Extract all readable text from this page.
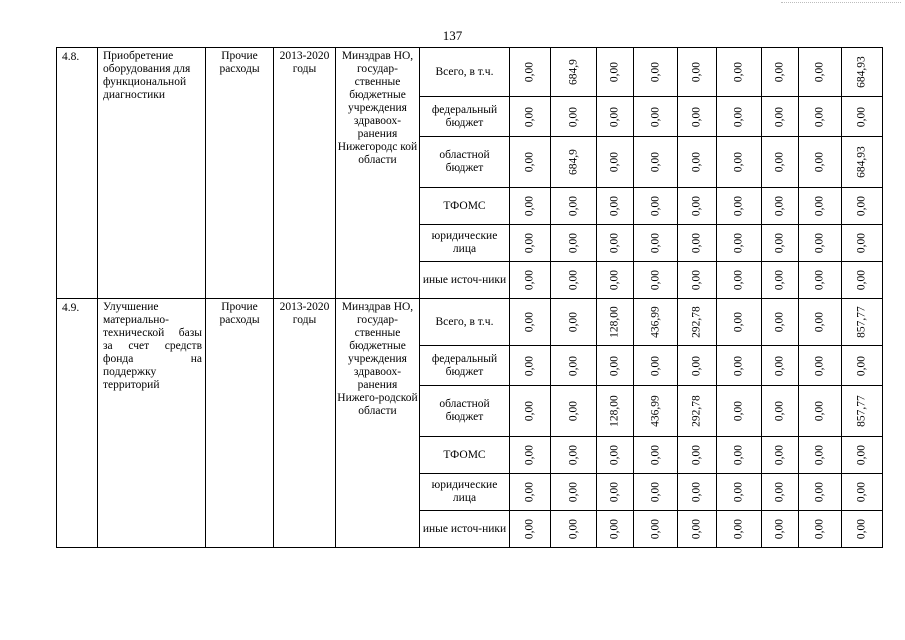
137
4.8.	Приобретение оборудования для функциональной диагностики	Прочие расходы	2013-2020 годы	Минздрав НО, государ-ственные бюджетные учреждения здравоох-ранения Нижегородс кой области	Всего, в т.ч.	0,00	684,9	0,00	0,00	0,00	0,00	0,00	0,00	684,93

					федеральный бюджет	0,00	0,00	0,00	0,00	0,00	0,00	0,00	0,00	0,00

					областной бюджет	0,00	684,9	0,00	0,00	0,00	0,00	0,00	0,00	684,93

					ТФОМС	0,00	0,00	0,00	0,00	0,00	0,00	0,00	0,00	0,00

					юридические лица	0,00	0,00	0,00	0,00	0,00	0,00	0,00	0,00	0,00

					иные источ-ники	0,00	0,00	0,00	0,00	0,00	0,00	0,00	0,00	0,00

4.9.	Улучшение материально-технической базы за счет средств фонда на поддержку территорий	Прочие расходы	2013-2020 годы	Минздрав НО, государ-ственные бюджетные учреждения здравоох-ранения Нижего-родской области	Всего, в т.ч.	0,00	0,00	128,00	436,99	292,78	0,00	0,00	0,00	857,77

					федеральный бюджет	0,00	0,00	0,00	0,00	0,00	0,00	0,00	0,00	0,00

					областной бюджет	0,00	0,00	128,00	436,99	292,78	0,00	0,00	0,00	857,77

					ТФОМС	0,00	0,00	0,00	0,00	0,00	0,00	0,00	0,00	0,00

					юридические лица	0,00	0,00	0,00	0,00	0,00	0,00	0,00	0,00	0,00

					иные источ-ники	0,00	0,00	0,00	0,00	0,00	0,00	0,00	0,00	0,00
